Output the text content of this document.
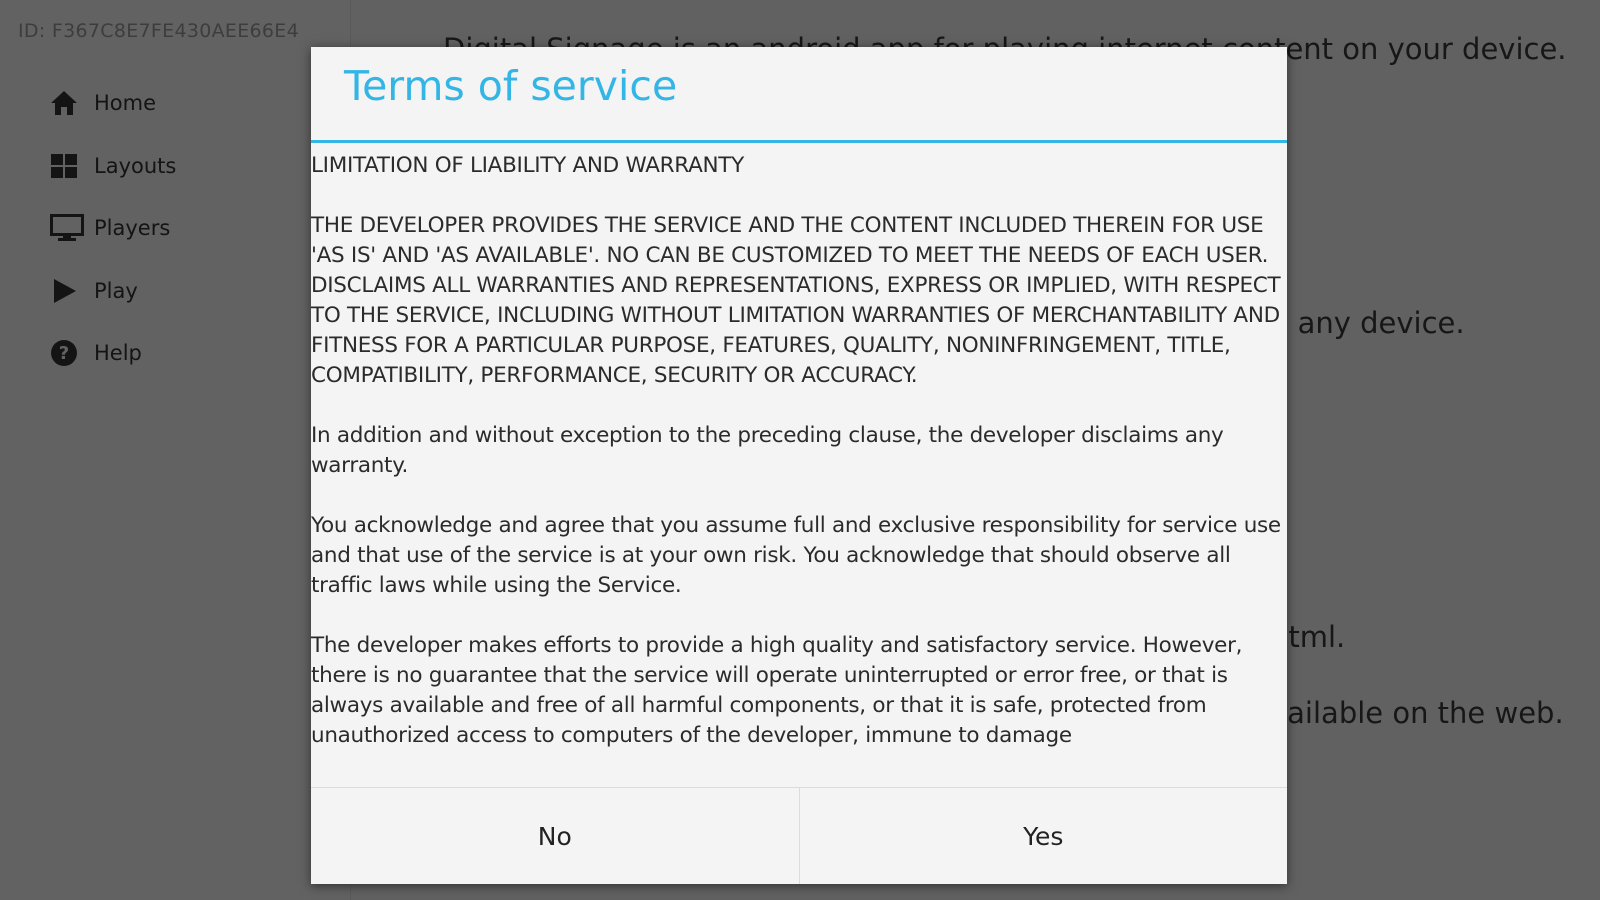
Terms of service

LIMITATION OF LIABILITY AND WARRANTY

THE DEVELOPER PROVIDES THE SERVICE AND THE CONTENT INCLUDED THEREIN FOR USE 'AS IS' AND 'AS AVAILABLE'. NO CAN BE CUSTOMIZED TO MEET THE NEEDS OF EACH USER. DISCLAIMS ALL WARRANTIES AND REPRESENTATIONS, EXPRESS OR IMPLIED, WITH RESPECT TO THE SERVICE, INCLUDING WITHOUT LIMITATION WARRANTIES OF MERCHANTABILITY AND FITNESS FOR A PARTICULAR PURPOSE, FEATURES, QUALITY, NONINFRINGEMENT, TITLE, COMPATIBILITY, PERFORMANCE, SECURITY OR ACCURACY.

In addition and without exception to the preceding clause, the developer disclaims any warranty.

You acknowledge and agree that you assume full and exclusive responsibility for service use and that use of the service is at your own risk. You acknowledge that should observe all traffic laws while using the Service.

The developer makes efforts to provide a high quality and satisfactory service. However, there is no guarantee that the service will operate uninterrupted or error free, or that is always available and free of all harmful components, or that it is safe, protected from unauthorized access to computers of the developer, immune to damage

No	Yes
